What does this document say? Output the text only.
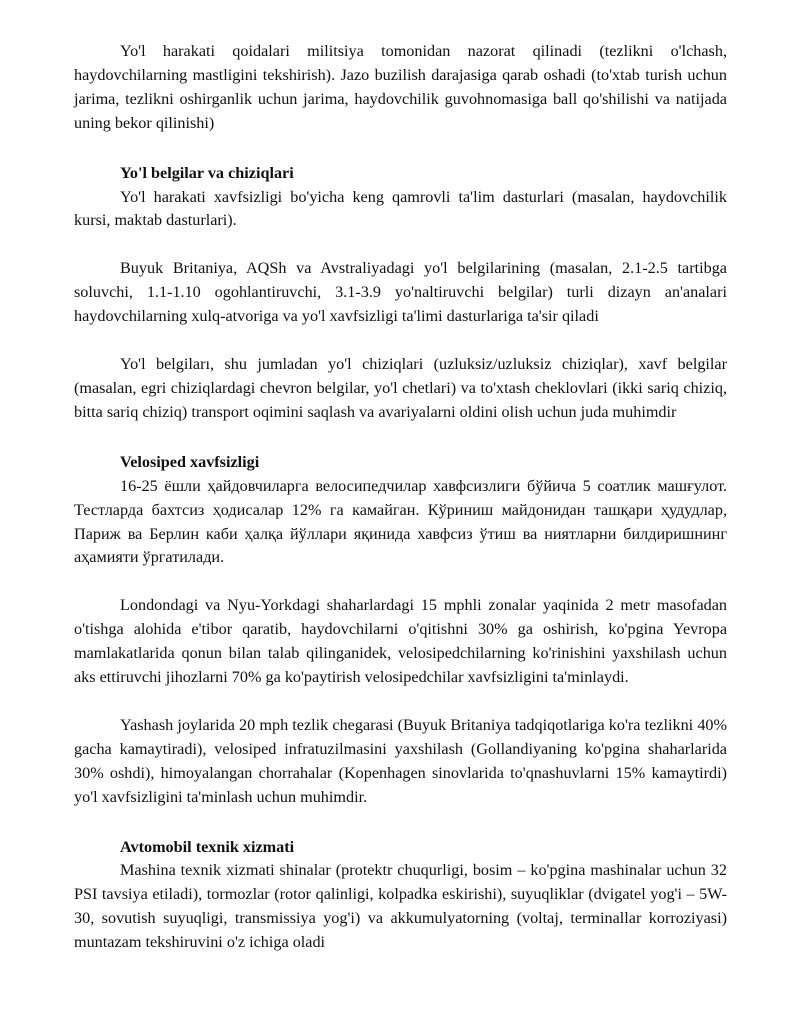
Yo'l harakati qoidalari militsiya tomonidan nazorat qilinadi (tezlikni o'lchash, haydovchilarning mastligini tekshirish). Jazo buzilish darajasiga qarab oshadi (to'xtab turish uchun jarima, tezlikni oshirganlik uchun jarima, haydovchilik guvohnomasiga ball qo'shilishi va natijada uning bekor qilinishi)

Yo'l belgilar va chiziqlari

Yo'l harakati xavfsizligi bo'yicha keng qamrovli ta'lim dasturlari (masalan, haydovchilik kursi, maktab dasturlari).

Buyuk Britaniya, AQSh va Avstraliyadagi yo'l belgilarining (masalan, 2.1-2.5 tartibga soluvchi, 1.1-1.10 ogohlantiruvchi, 3.1-3.9 yo'naltiruvchi belgilar) turli dizayn an'analari haydovchilarning xulq-atvoriga va yo'l xavfsizligi ta'limi dasturlariga ta'sir qiladi

Yo'l belgiları, shu jumladan yo'l chiziqlari (uzluksiz/uzluksiz chiziqlar), xavf belgilar (masalan, egri chiziqlardagi chevron belgilar, yo'l chetlari) va to'xtash cheklovlari (ikki sariq chiziq, bitta sariq chiziq) transport oqimini saqlash va avariyalarni oldini olish uchun juda muhimdir

Velosiped xavfsizligi

16-25 ёшли ҳайдовчиларга велосипедчилар хавфсизлиги бўйича 5 соатлик машғулот. Тестларда бахтсиз ҳодисалар 12% га камайган. Кўриниш майдонидан ташқари ҳудудлар, Париж ва Берлин каби ҳалқа йўллари яқинида хавфсиз ўтиш ва ниятларни билдиришнинг аҳамияти ўргатилади.

Londondagi va Nyu-Yorkdagi shaharlardagi 15 mphli zonalar yaqinida 2 metr masofadan o'tishga alohida e'tibor qaratib, haydovchilarni o'qitishni 30% ga oshirish, ko'pgina Yevropa mamlakatlarida qonun bilan talab qilinganidek, velosipedchilarning ko'rinishini yaxshilash uchun aks ettiruvchi jihozlarni 70% ga ko'paytirish velosipedchilar xavfsizligini ta'minlaydi.

Yashash joylarida 20 mph tezlik chegarasi (Buyuk Britaniya tadqiqotlariga ko'ra tezlikni 40% gacha kamaytiradi), velosiped infratuzilmasini yaxshilash (Gollandiyaning ko'pgina shaharlarida 30% oshdi), himoyalangan chorrahalar (Kopenhagen sinovlarida to'qnashuvlarni 15% kamaytirdi) yo'l xavfsizligini ta'minlash uchun muhimdir.

Avtomobil texnik xizmati

Mashina texnik xizmati shinalar (protektr chuqurligi, bosim – ko'pgina mashinalar uchun 32 PSI tavsiya etiladi), tormozlar (rotor qalinligi, kolpadka eskirishi), suyuqliklar (dvigatel yog'i – 5W-30, sovutish suyuqligi, transmissiya yog'i) va akkumulyatorning (voltaj, terminallar korroziyasi) muntazam tekshiruvini o'z ichiga oladi
